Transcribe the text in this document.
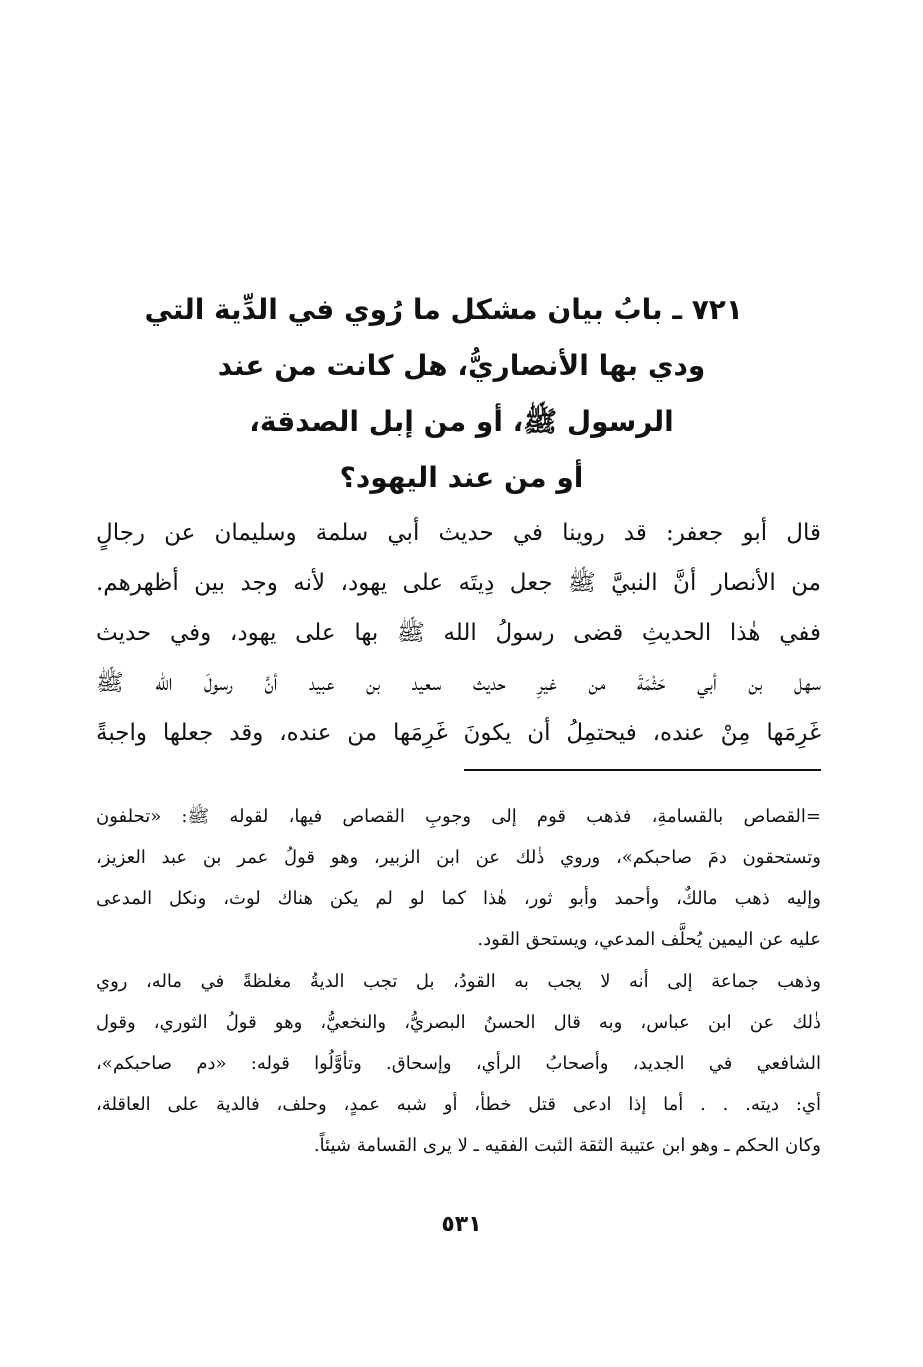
٧٢١ ـ بابُ بيان مشكل ما رُوي في الدِّية التي
ودي بها الأنصاريُّ، هل كانت من عند
الرسول ﷺ، أو من إبل الصدقة،
أو من عند اليهود؟
قال أبو جعفر: قد روينا في حديث أبي سلمة وسليمان عن رجالٍ
من الأنصار أنَّ النبيَّ ﷺ جعل دِيتَه على يهود، لأنه وجد بين أظهرهم.
ففي هٰذا الحديثِ قضى رسولُ الله ﷺ بها على يهود، وفي حديث
سهل بن أبي حَثْمَةَ من غيرِ حديث سعيد بن عبيد أنَّ رسولَ الله ﷺ
غَرِمَها مِنْ عنده، فيحتمِلُ أن يكونَ غَرِمَها من عنده، وقد جعلها واجبةً
=القصاص بالقسامةِ، فذهب قوم إلى وجوبِ القصاص فيها، لقوله ﷺ: «تحلفون
وتستحقون دمَ صاحبكم»، وروي ذٰلك عن ابن الزبير، وهو قولُ عمر بن عبد العزيز،
وإليه ذهب مالكٌ، وأحمد وأبو ثور، هٰذا كما لو لم يكن هناك لوث، ونكل المدعى
عليه عن اليمين يُحلَّف المدعي، ويستحق القود.
وذهب جماعة إلى أنه لا يجب به القودُ، بل تجب الديةُ مغلظةً في ماله، روي
ذٰلك عن ابن عباس، وبه قال الحسنُ البصريُّ، والنخعيُّ، وهو قولُ الثوري، وقول
الشافعي في الجديد، وأصحابُ الرأي، وإسحاق. وتأوَّلُوا قوله: «دم صاحبكم»،
أي: ديته. . . أما إذا ادعى قتل خطأ، أو شبه عمدٍ، وحلف، فالدية على العاقلة،
وكان الحكم ـ وهو ابن عتيبة الثقة الثبت الفقيه ـ لا يرى القسامة شيئاً.
٥٣١
